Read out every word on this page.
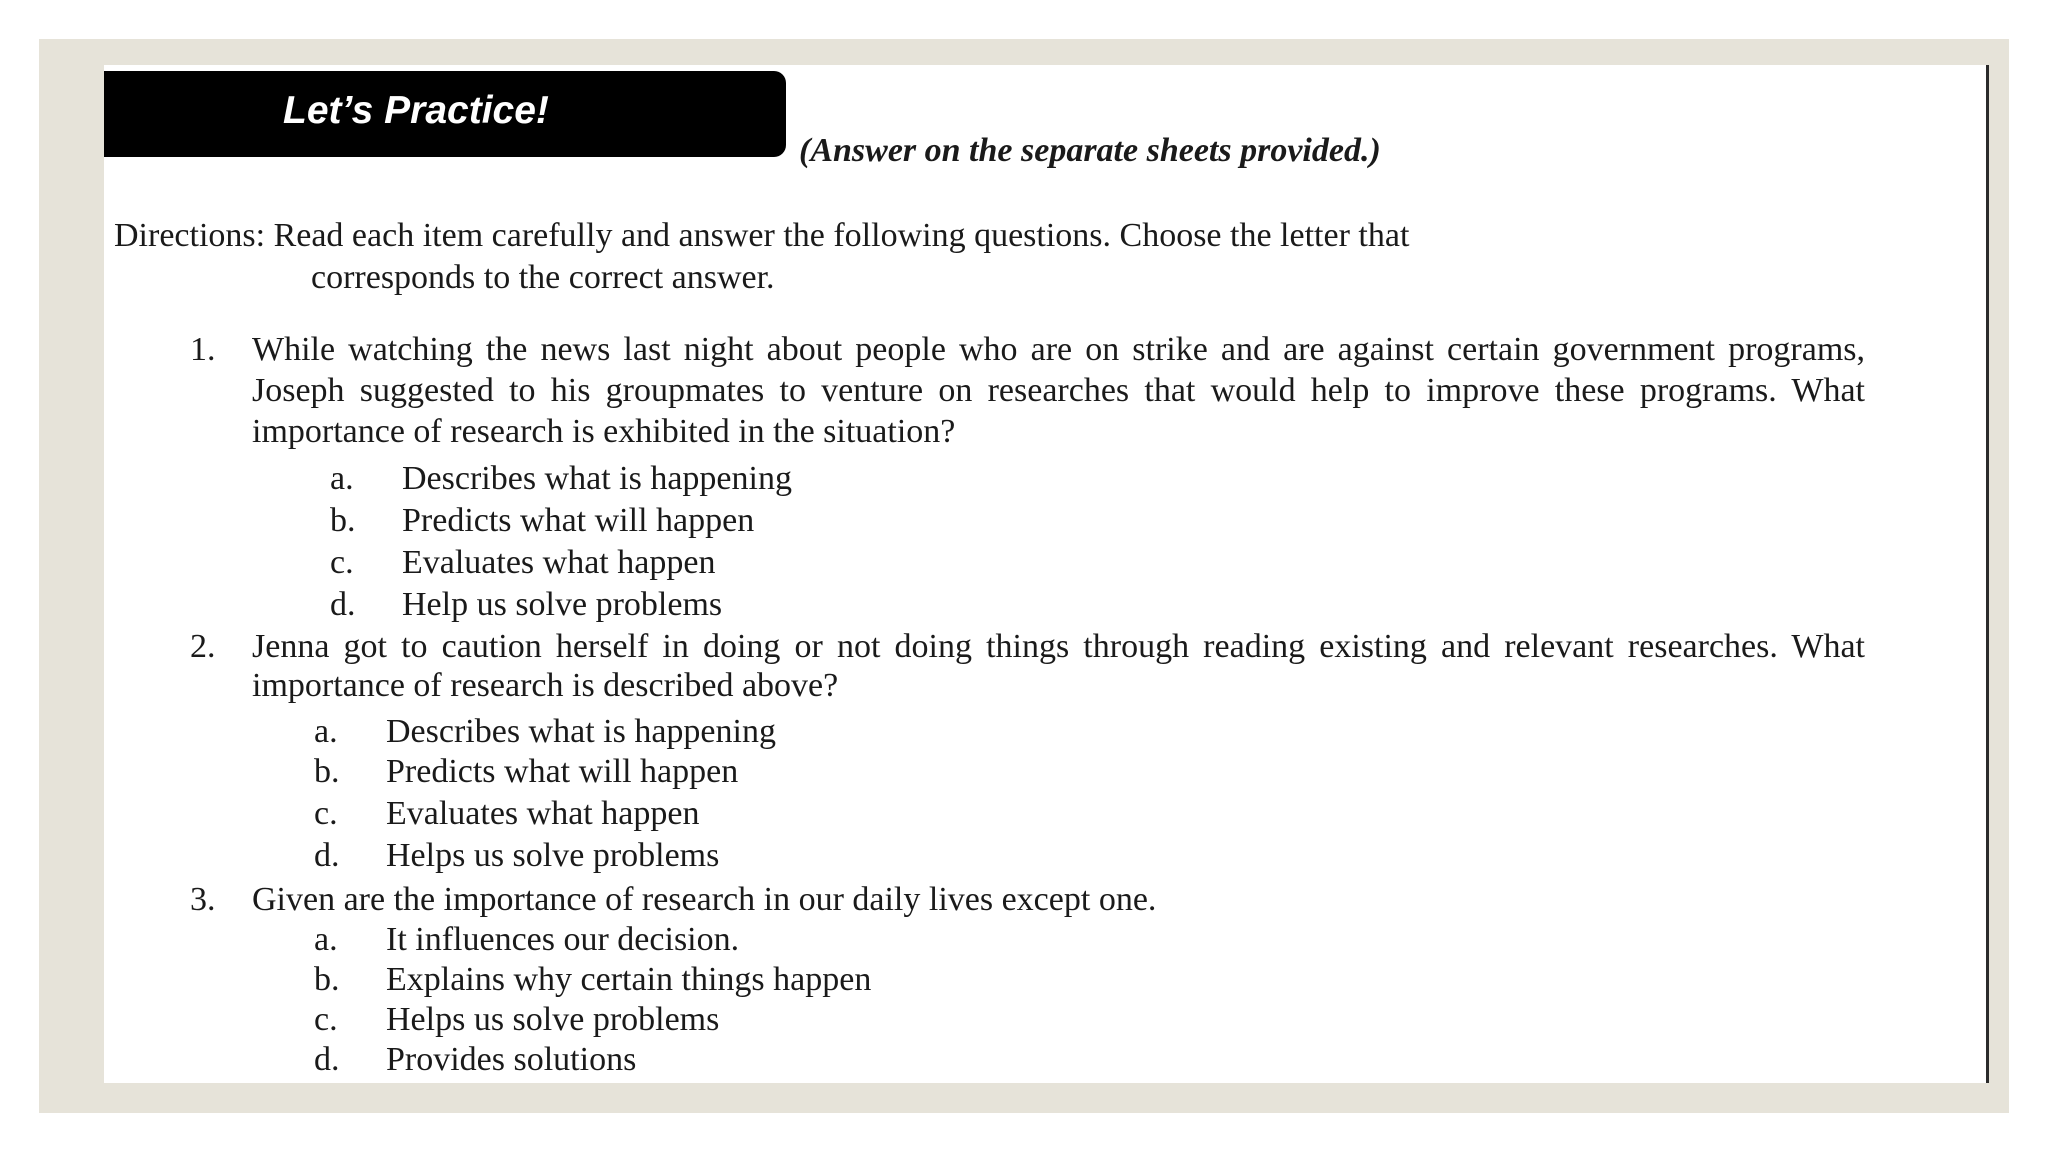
Let’s Practice!
(Answer on the separate sheets provided.)
Directions: Read each item carefully and answer the following questions. Choose the letter that
corresponds to the correct answer.
1. While watching the news last night about people who are on strike and are against certain government programs, Joseph suggested to his groupmates to venture on researches that would help to improve these programs. What importance of research is exhibited in the situation?
a. Describes what is happening
b. Predicts what will happen
c. Evaluates what happen
d. Help us solve problems
2. Jenna got to caution herself in doing or not doing things through reading existing and relevant researches. What importance of research is described above?
a. Describes what is happening
b. Predicts what will happen
c. Evaluates what happen
d. Helps us solve problems
3. Given are the importance of research in our daily lives except one.
a. It influences our decision.
b. Explains why certain things happen
c. Helps us solve problems
d. Provides solutions
